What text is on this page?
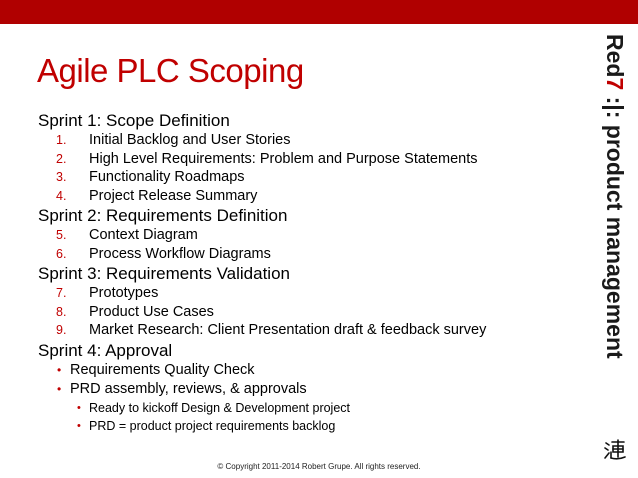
Agile PLC Scoping
Sprint 1: Scope Definition
1. Initial Backlog and User Stories
2. High Level Requirements: Problem and Purpose Statements
3. Functionality Roadmaps
4. Project Release Summary
Sprint 2: Requirements Definition
5. Context Diagram
6. Process Workflow Diagrams
Sprint 3: Requirements Validation
7. Prototypes
8. Product Use Cases
9. Market Research: Client Presentation draft & feedback survey
Sprint 4: Approval
• Requirements Quality Check
• PRD assembly, reviews, & approvals
• Ready to kickoff Design & Development project
• PRD = product project requirements backlog
Red7 :|: product management
© Copyright 2011-2014 Robert Grupe. All rights reserved.
